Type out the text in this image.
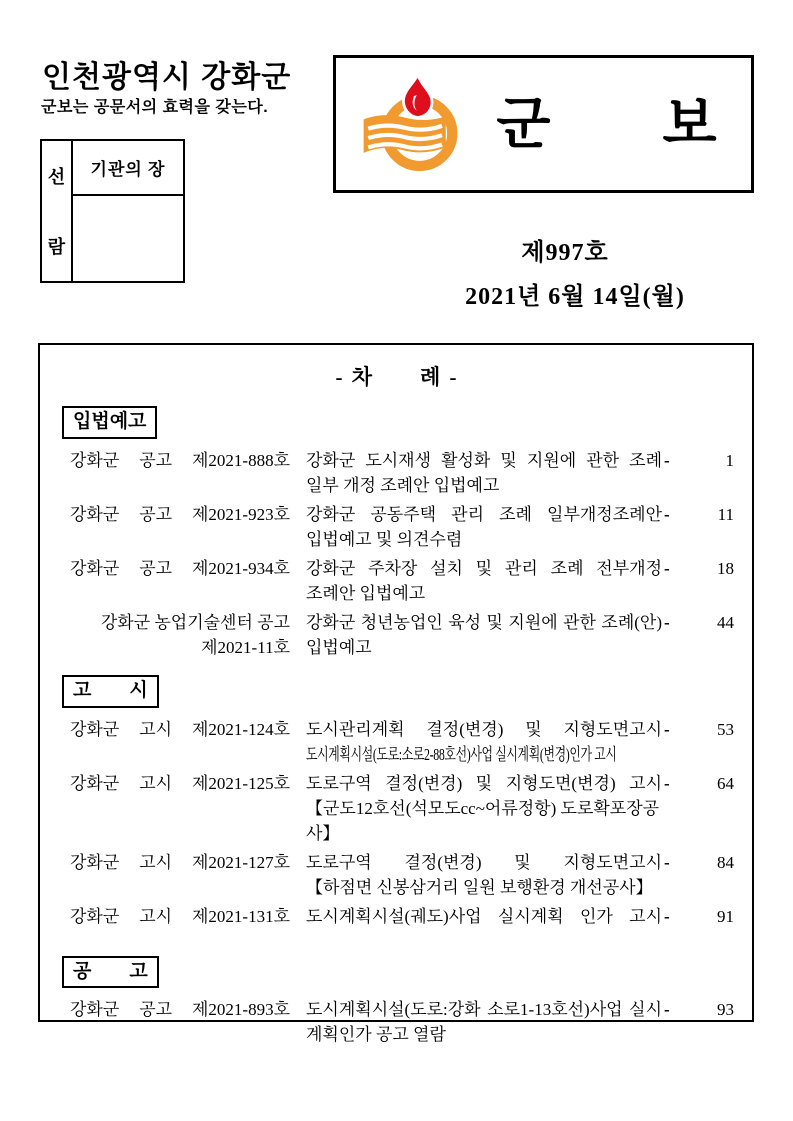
인천광역시 강화군
군보는 공문서의 효력을 갖는다.
선
람
기관의 장
군　　보
제997호
2021년 6월 14일(월)
- 차　　례 -
입법예고
강화군 공고 제2021-888호 강화군 도시재생 활성화 및 지원에 관한 조례
일부 개정 조례안 입법예고
-	1
강화군 공고 제2021-923호 강화군 공동주택 관리 조례 일부개정조례안
입법예고 및 의견수렴
-	11
강화군 공고 제2021-934호 강화군 주차장 설치 및 관리 조례 전부개정
조례안 입법예고
-	18
강화군 농업기술센터 공고
제2021-11호
강화군 청년농업인 육성 및 지원에 관한 조례(안)
입법예고
-	44
고　　시
강화군 고시 제2021-124호 도시관리계획 결정(변경) 및 지형도면고시
도시계획시설(도로:소로2-88호선)사업 실시계획(변경)인가 고시
-	53
강화군 고시 제2021-125호 도로구역 결정(변경) 및 지형도면(변경) 고시
【군도12호선(석모도cc~어류정항) 도로확포장공사】
-	64
강화군 고시 제2021-127호 도로구역 결정(변경) 및 지형도면고시
【하점면 신봉삼거리 일원 보행환경 개선공사】
-	84
강화군 고시 제2021-131호 도시계획시설(궤도)사업 실시계획 인가 고시 -	91
공　　고
강화군 공고 제2021-893호 도시계획시설(도로:강화 소로1-13호선)사업 실시
계획인가 공고 열람
-	93
